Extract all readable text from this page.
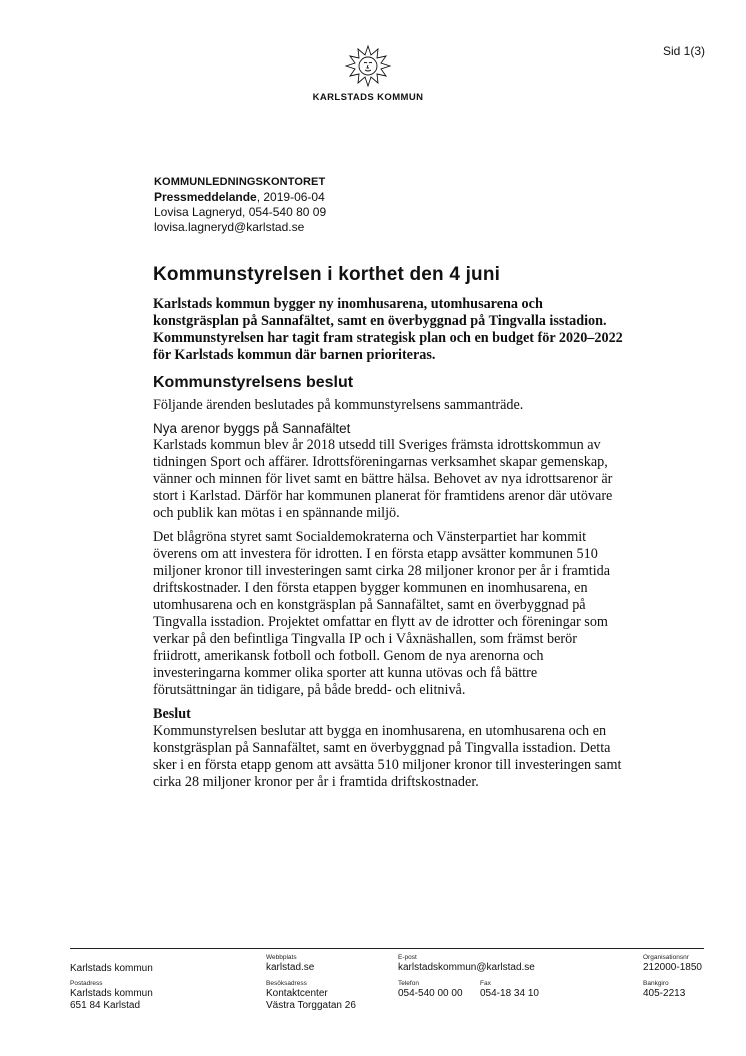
Sid 1(3)
KARLSTADS KOMMUN
KOMMUNLEDNINGSKONTORET
Pressmeddelande, 2019-06-04
Lovisa Lagneryd, 054-540 80 09
lovisa.lagneryd@karlstad.se
Kommunstyrelsen i korthet den 4 juni

Karlstads kommun bygger ny inomhusarena, utomhusarena och konstgräsplan på Sannafältet, samt en överbyggnad på Tingvalla isstadion. Kommunstyrelsen har tagit fram strategisk plan och en budget för 2020–2022 för Karlstads kommun där barnen prioriteras.

Kommunstyrelsens beslut

Följande ärenden beslutades på kommunstyrelsens sammanträde.

Nya arenor byggs på Sannafältet

Karlstads kommun blev år 2018 utsedd till Sveriges främsta idrottskommun av tidningen Sport och affärer. Idrottsföreningarnas verksamhet skapar gemenskap, vänner och minnen för livet samt en bättre hälsa. Behovet av nya idrottsarenor är stort i Karlstad. Därför har kommunen planerat för framtidens arenor där utövare och publik kan mötas i en spännande miljö.

Det blågröna styret samt Socialdemokraterna och Vänsterpartiet har kommit överens om att investera för idrotten. I en första etapp avsätter kommunen 510 miljoner kronor till investeringen samt cirka 28 miljoner kronor per år i framtida driftskostnader. I den första etappen bygger kommunen en inomhusarena, en utomhusarena och en konstgräsplan på Sannafältet, samt en överbyggnad på Tingvalla isstadion. Projektet omfattar en flytt av de idrotter och föreningar som verkar på den befintliga Tingvalla IP och i Våxnäshallen, som främst berör friidrott, amerikansk fotboll och fotboll. Genom de nya arenorna och investeringarna kommer olika sporter att kunna utövas och få bättre förutsättningar än tidigare, på både bredd- och elitnivå.

Beslut

Kommunstyrelsen beslutar att bygga en inomhusarena, en utomhusarena och en konstgräsplan på Sannafältet, samt en överbyggnad på Tingvalla isstadion. Detta sker i en första etapp genom att avsätta 510 miljoner kronor till investeringen samt cirka 28 miljoner kronor per år i framtida driftskostnader.

Karlstads kommun
Webbplats
karlstad.se
E-post
karlstadskommun@karlstad.se
Organisationsnr
212000-1850
Postadress
Karlstads kommun
651 84 Karlstad
Besöksadress
Kontaktcenter
Västra Torggatan 26
Telefon
054-540 00 00
Fax
054-18 34 10
Bankgiro
405-2213
